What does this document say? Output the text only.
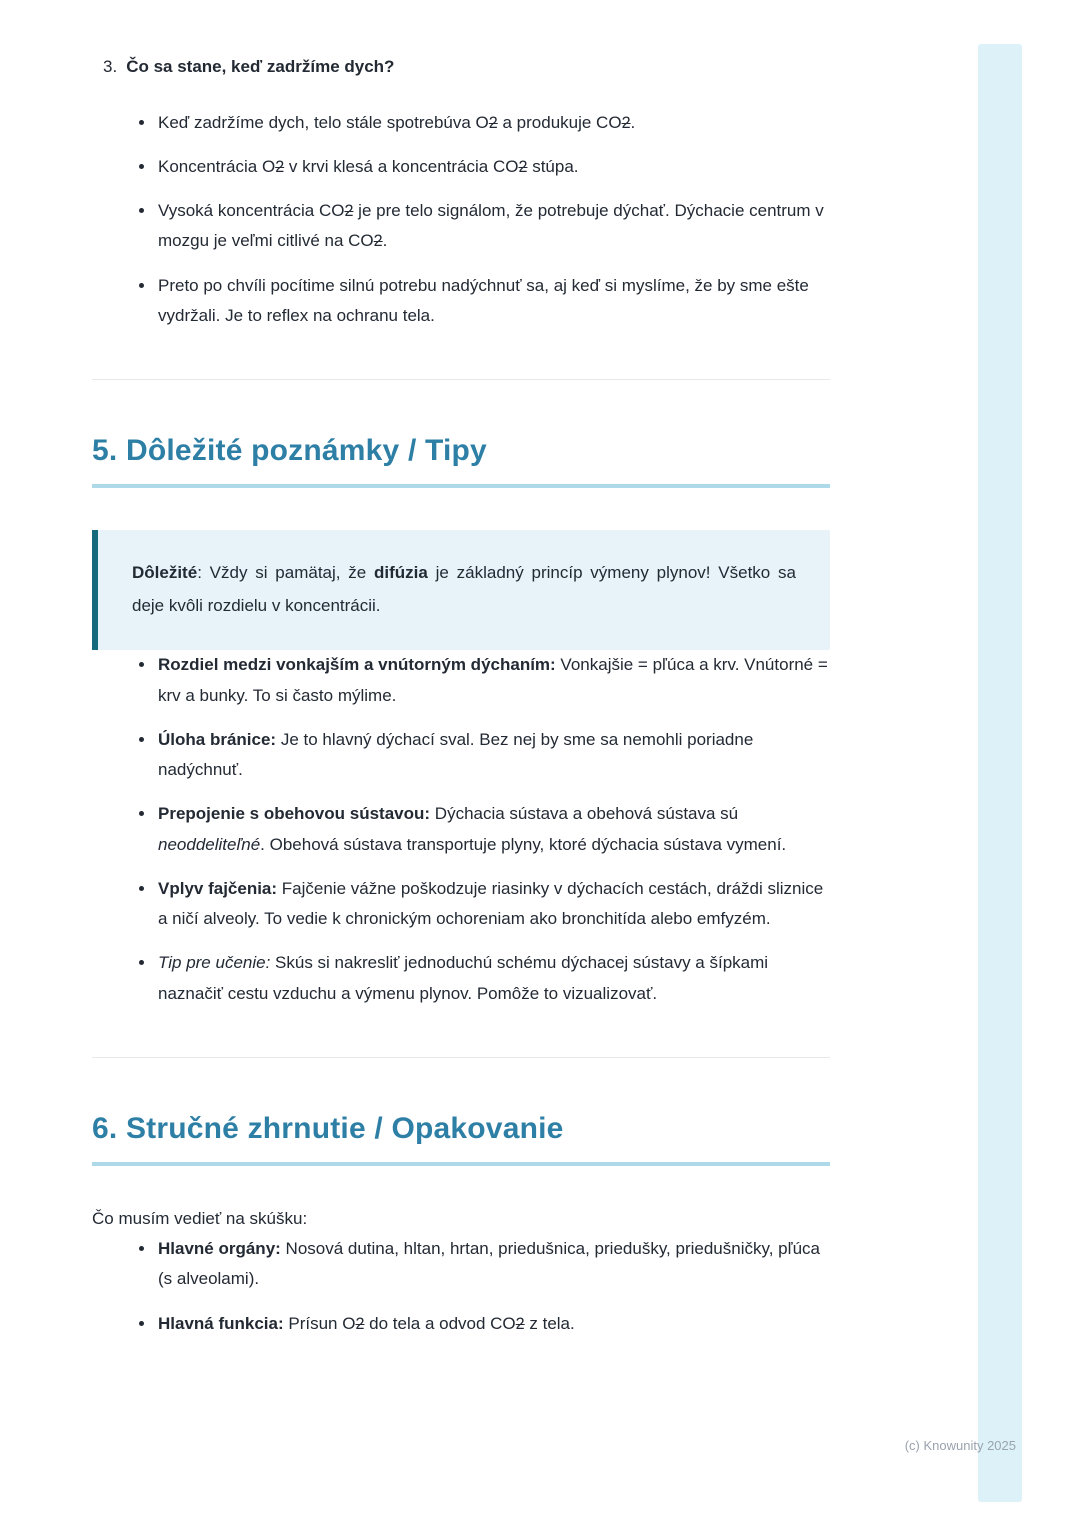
3. Čo sa stane, keď zadržíme dych?
• Keď zadržíme dych, telo stále spotrebúva O2 a produkuje CO2.
• Koncentrácia O2 v krvi klesá a koncentrácia CO2 stúpa.
• Vysoká koncentrácia CO2 je pre telo signálom, že potrebuje dýchať. Dýchacie centrum v mozgu je veľmi citlivé na CO2.
• Preto po chvíli pocítime silnú potrebu nadýchnuť sa, aj keď si myslíme, že by sme ešte vydržali. Je to reflex na ochranu tela.
5. Dôležité poznámky / Tipy

Dôležité: Vždy si pamätaj, že difúzia je základný princíp výmeny plynov! Všetko sa deje kvôli rozdielu v koncentrácii.

• Rozdiel medzi vonkajším a vnútorným dýchaním: Vonkajšie = pľúca a krv. Vnútorné = krv a bunky. To si často mýlime.
• Úloha bránice: Je to hlavný dýchací sval. Bez nej by sme sa nemohli poriadne nadýchnuť.
• Prepojenie s obehovou sústavou: Dýchacia sústava a obehová sústava sú neoddeliteľné. Obehová sústava transportuje plyny, ktoré dýchacia sústava vymení.
• Vplyv fajčenia: Fajčenie vážne poškodzuje riasinky v dýchacích cestách, dráždi sliznice a ničí alveoly. To vedie k chronickým ochoreniam ako bronchitída alebo emfyzém.
• Tip pre učenie: Skús si nakresliť jednoduchú schému dýchacej sústavy a šípkami naznačiť cestu vzduchu a výmenu plynov. Pomôže to vizualizovať.
6. Stručné zhrnutie / Opakovanie

Čo musím vedieť na skúšku:

• Hlavné orgány: Nosová dutina, hltan, hrtan, priedušnica, priedušky, priedušničky, pľúca (s alveolami).
• Hlavná funkcia: Prísun O2 do tela a odvod CO2 z tela.
(c) Knowunity 2025
